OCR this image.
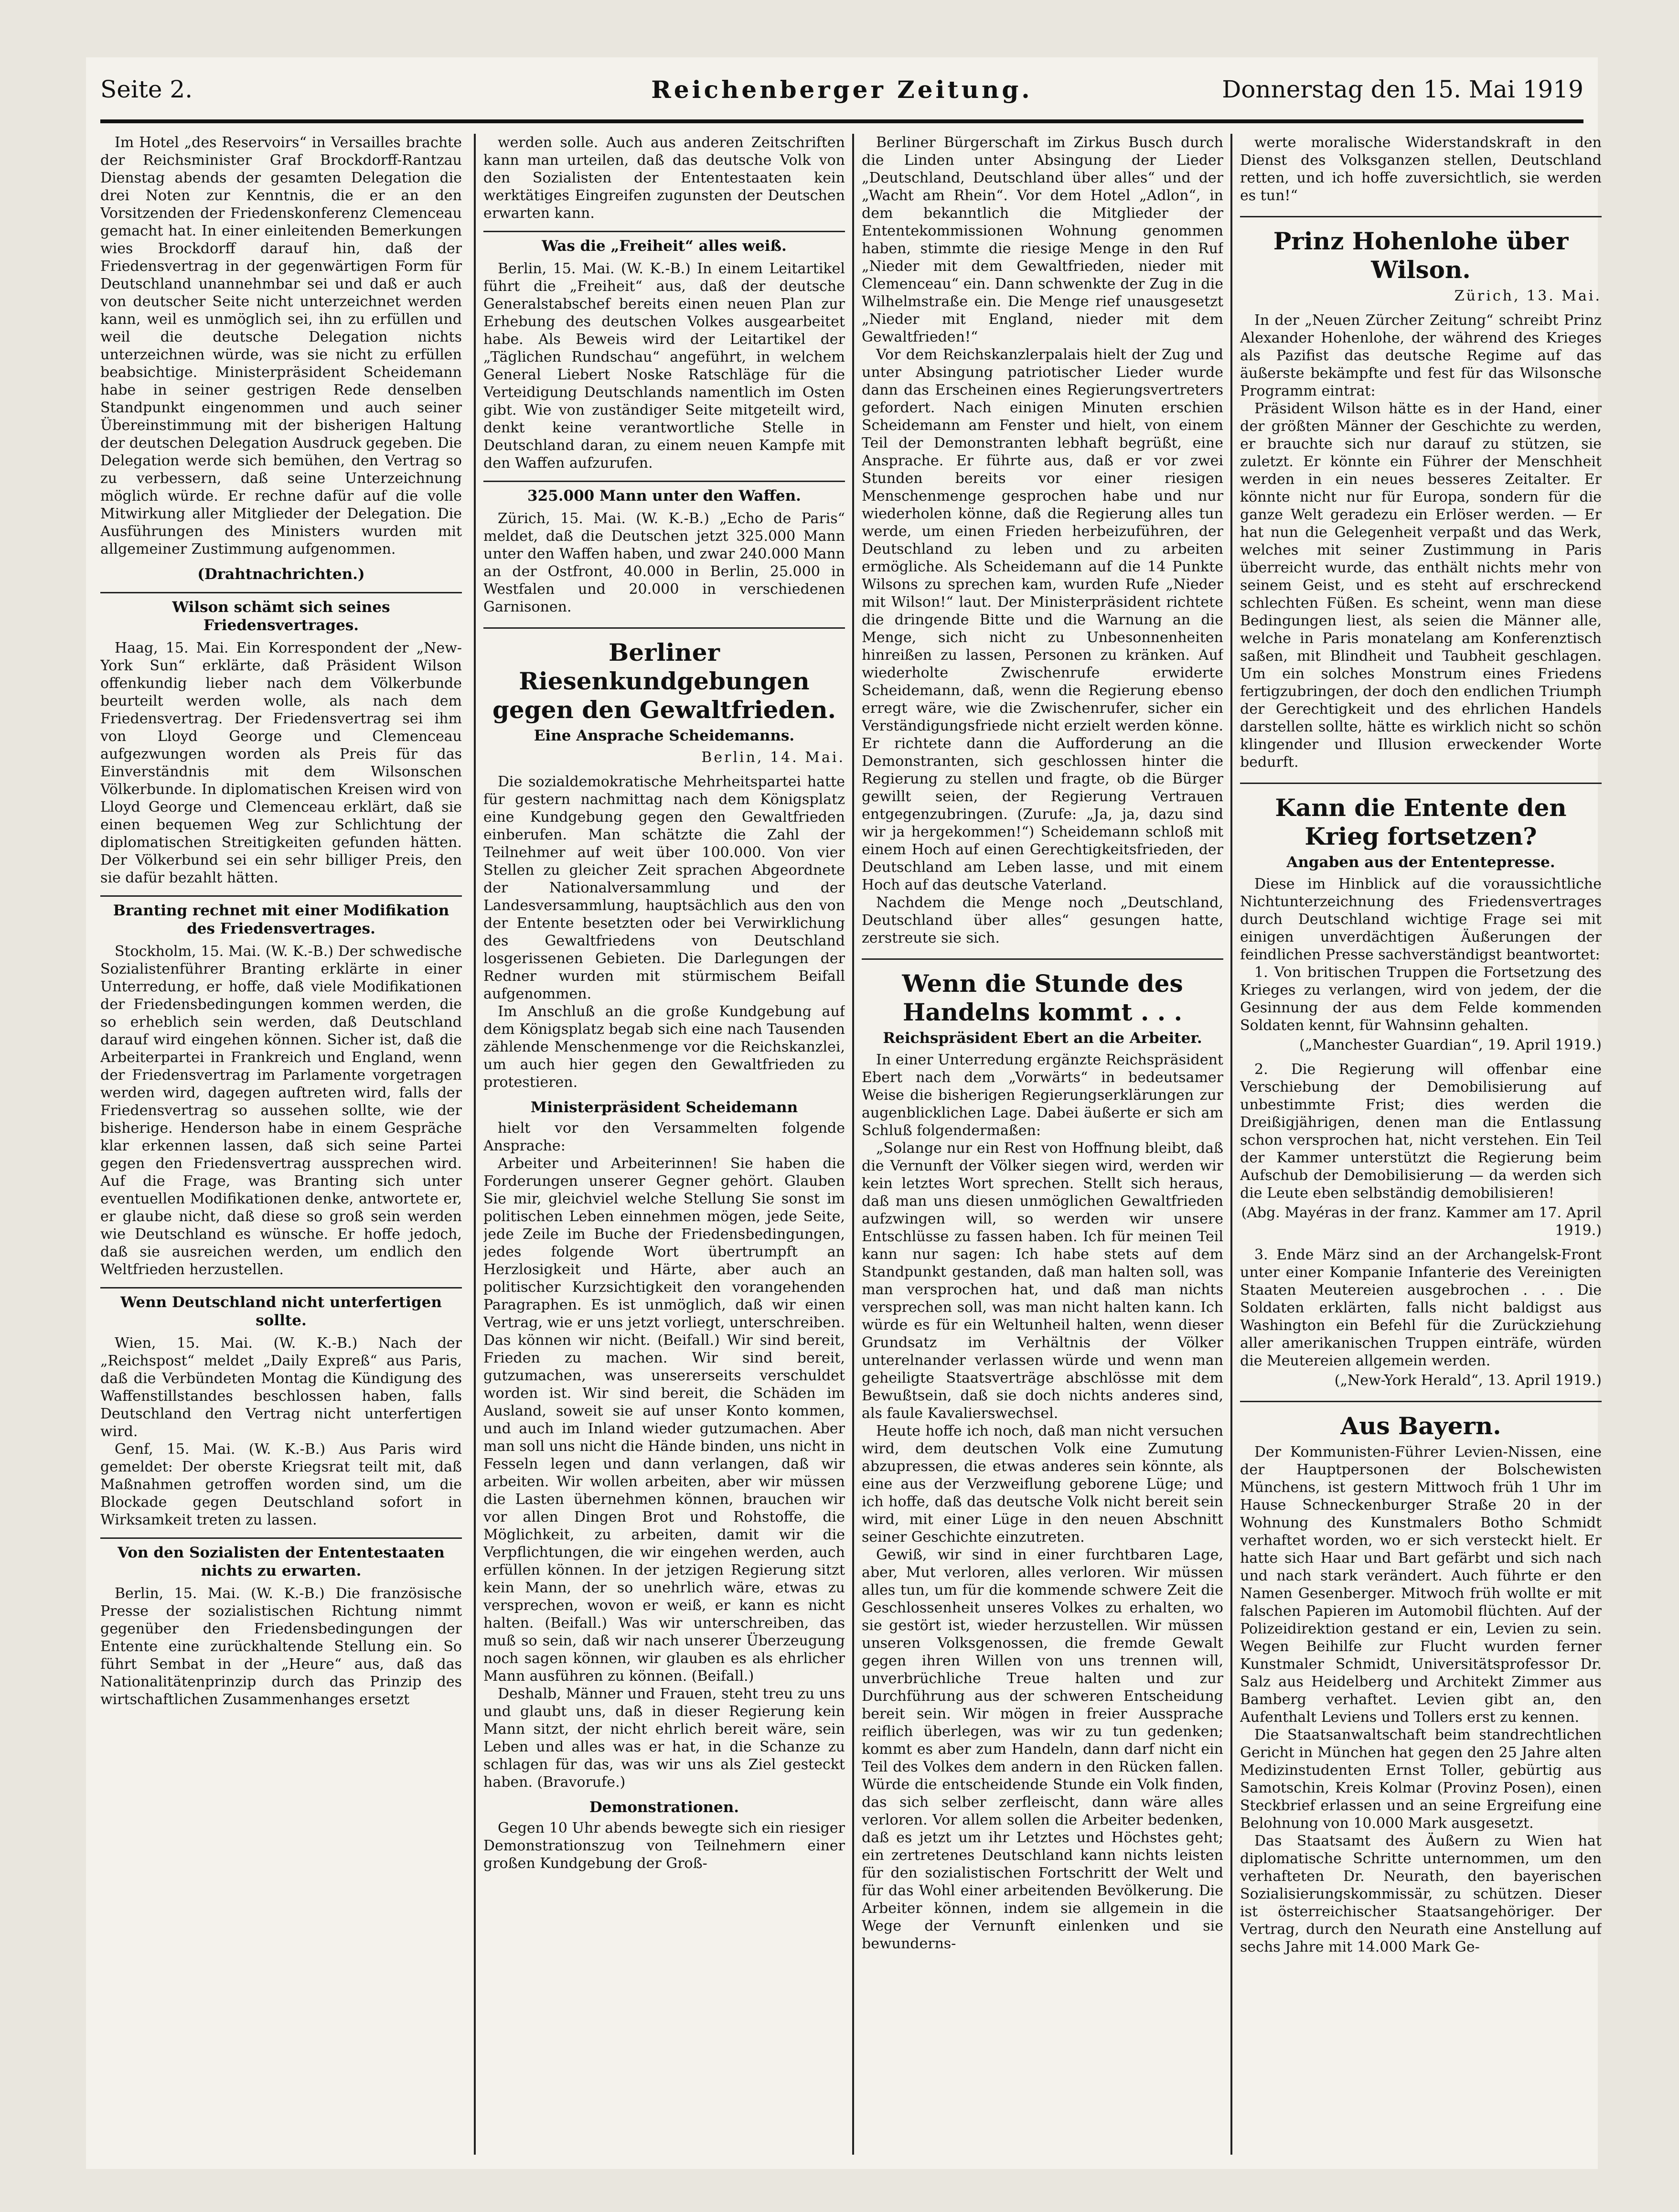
Seite 2.	Reichenberger Zeitung.	Donnerstag den 15. Mai 1919

Im Hotel „des Reservoirs“ in Versailles brachte der Reichsminister Graf Brockdorff-Rantzau Dienstag abends der gesamten Delegation die drei Noten zur Kenntnis, die er an den Vorsitzenden der Friedenskonferenz Clemenceau gemacht hat. In einer einleitenden Bemerkungen wies Brockdorff darauf hin, daß der Friedensvertrag in der gegenwärtigen Form für Deutschland unannehmbar sei und daß er auch von deutscher Seite nicht unterzeichnet werden kann, weil es unmöglich sei, ihn zu erfüllen und weil die deutsche Delegation nichts unterzeichnen würde, was sie nicht zu erfüllen beabsichtige. Ministerpräsident Scheidemann habe in seiner gestrigen Rede denselben Standpunkt eingenommen und auch seiner Übereinstimmung mit der bisherigen Haltung der deutschen Delegation Ausdruck gegeben. Die Delegation werde sich bemühen, den Vertrag so zu verbessern, daß seine Unterzeichnung möglich würde. Er rechne dafür auf die volle Mitwirkung aller Mitglieder der Delegation. Die Ausführungen des Ministers wurden mit allgemeiner Zustimmung aufgenommen.

(Drahtnachrichten.)
Wilson schämt sich seines Friedensvertrages.

Haag, 15. Mai. Ein Korrespondent der „New-York Sun“ erklärte, daß Präsident Wilson offenkundig lieber nach dem Völkerbunde beurteilt werden wolle, als nach dem Friedensvertrag. Der Friedensvertrag sei ihm von Lloyd George und Clemenceau aufgezwungen worden als Preis für das Einverständnis mit dem Wilsonschen Völkerbunde. In diplomatischen Kreisen wird von Lloyd George und Clemenceau erklärt, daß sie einen bequemen Weg zur Schlichtung der diplomatischen Streitigkeiten gefunden hätten. Der Völkerbund sei ein sehr billiger Preis, den sie dafür bezahlt hätten.

Branting rechnet mit einer Modifikation des Friedensvertrages.

Stockholm, 15. Mai. (W. K.-B.) Der schwedische Sozialistenführer Branting erklärte in einer Unterredung, er hoffe, daß viele Modifikationen der Friedensbedingungen kommen werden, die so erheblich sein werden, daß Deutschland darauf wird eingehen können. Sicher ist, daß die Arbeiterpartei in Frankreich und England, wenn der Friedensvertrag im Parlamente vorgetragen werden wird, dagegen auftreten wird, falls der Friedensvertrag so aussehen sollte, wie der bisherige. Henderson habe in einem Gespräche klar erkennen lassen, daß sich seine Partei gegen den Friedensvertrag aussprechen wird. Auf die Frage, was Branting sich unter eventuellen Modifikationen denke, antwortete er, er glaube nicht, daß diese so groß sein werden wie Deutschland es wünsche. Er hoffe jedoch, daß sie ausreichen werden, um endlich den Weltfrieden herzustellen.

Wenn Deutschland nicht unterfertigen sollte.

Wien, 15. Mai. (W. K.-B.) Nach der „Reichspost“ meldet „Daily Expreß“ aus Paris, daß die Verbündeten Montag die Kündigung des Waffenstillstandes beschlossen haben, falls Deutschland den Vertrag nicht unterfertigen wird.

Genf, 15. Mai. (W. K.-B.) Aus Paris wird gemeldet: Der oberste Kriegsrat teilt mit, daß Maßnahmen getroffen worden sind, um die Blockade gegen Deutschland sofort in Wirksamkeit treten zu lassen.

Von den Sozialisten der Ententestaaten nichts zu erwarten.

Berlin, 15. Mai. (W. K.-B.) Die französische Presse der sozialistischen Richtung nimmt gegenüber den Friedensbedingungen der Entente eine zurückhaltende Stellung ein. So führt Sembat in der „Heure“ aus, daß das Nationalitätenprinzip durch das Prinzip des wirtschaftlichen Zusammenhanges ersetzt

werden solle. Auch aus anderen Zeitschriften kann man urteilen, daß das deutsche Volk von den Sozialisten der Ententestaaten kein werktätiges Eingreifen zugunsten der Deutschen erwarten kann.

Was die „Freiheit“ alles weiß.

Berlin, 15. Mai. (W. K.-B.) In einem Leitartikel führt die „Freiheit“ aus, daß der deutsche Generalstabschef bereits einen neuen Plan zur Erhebung des deutschen Volkes ausgearbeitet habe. Als Beweis wird der Leitartikel der „Täglichen Rundschau“ angeführt, in welchem General Liebert Noske Ratschläge für die Verteidigung Deutschlands namentlich im Osten gibt. Wie von zuständiger Seite mitgeteilt wird, denkt keine verantwortliche Stelle in Deutschland daran, zu einem neuen Kampfe mit den Waffen aufzurufen.

325.000 Mann unter den Waffen.

Zürich, 15. Mai. (W. K.-B.) „Echo de Paris“ meldet, daß die Deutschen jetzt 325.000 Mann unter den Waffen haben, und zwar 240.000 Mann an der Ostfront, 40.000 in Berlin, 25.000 in Westfalen und 20.000 in verschiedenen Garnisonen.

Berliner Riesenkundgebungen gegen den Gewaltfrieden.
Eine Ansprache Scheidemanns.
Berlin, 14. Mai.

Die sozialdemokratische Mehrheitspartei hatte für gestern nachmittag nach dem Königsplatz eine Kundgebung gegen den Gewaltfrieden einberufen. Man schätzte die Zahl der Teilnehmer auf weit über 100.000. Von vier Stellen zu gleicher Zeit sprachen Abgeordnete der Nationalversammlung und der Landesversammlung, hauptsächlich aus den von der Entente besetzten oder bei Verwirklichung des Gewaltfriedens von Deutschland losgerissenen Gebieten. Die Darlegungen der Redner wurden mit stürmischem Beifall aufgenommen.

Im Anschluß an die große Kundgebung auf dem Königsplatz begab sich eine nach Tausenden zählende Menschenmenge vor die Reichskanzlei, um auch hier gegen den Gewaltfrieden zu protestieren.

Ministerpräsident Scheidemann

hielt vor den Versammelten folgende Ansprache:

Arbeiter und Arbeiterinnen! Sie haben die Forderungen unserer Gegner gehört. Glauben Sie mir, gleichviel welche Stellung Sie sonst im politischen Leben einnehmen mögen, jede Seite, jede Zeile im Buche der Friedensbedingungen, jedes folgende Wort übertrumpft an Herzlosigkeit und Härte, aber auch an politischer Kurzsichtigkeit den vorangehenden Paragraphen. Es ist unmöglich, daß wir einen Vertrag, wie er uns jetzt vorliegt, unterschreiben. Das können wir nicht. (Beifall.) Wir sind bereit, Frieden zu machen. Wir sind bereit, gutzumachen, was unsererseits verschuldet worden ist. Wir sind bereit, die Schäden im Ausland, soweit sie auf unser Konto kommen, und auch im Inland wieder gutzumachen. Aber man soll uns nicht die Hände binden, uns nicht in Fesseln legen und dann verlangen, daß wir arbeiten. Wir wollen arbeiten, aber wir müssen die Lasten übernehmen können, brauchen wir vor allen Dingen Brot und Rohstoffe, die Möglichkeit, zu arbeiten, damit wir die Verpflichtungen, die wir eingehen werden, auch erfüllen können. In der jetzigen Regierung sitzt kein Mann, der so unehrlich wäre, etwas zu versprechen, wovon er weiß, er kann es nicht halten. (Beifall.) Was wir unterschreiben, das muß so sein, daß wir nach unserer Überzeugung noch sagen können, wir glauben es als ehrlicher Mann ausführen zu können. (Beifall.)

Deshalb, Männer und Frauen, steht treu zu uns und glaubt uns, daß in dieser Regierung kein Mann sitzt, der nicht ehrlich bereit wäre, sein Leben und alles was er hat, in die Schanze zu schlagen für das, was wir uns als Ziel gesteckt haben. (Bravorufe.)

Demonstrationen.

Gegen 10 Uhr abends bewegte sich ein riesiger Demonstrationszug von Teilnehmern einer großen Kundgebung der Groß-

Berliner Bürgerschaft im Zirkus Busch durch die Linden unter Absingung der Lieder „Deutschland, Deutschland über alles“ und der „Wacht am Rhein“. Vor dem Hotel „Adlon“, in dem bekanntlich die Mitglieder der Ententekommissionen Wohnung genommen haben, stimmte die riesige Menge in den Ruf „Nieder mit dem Gewaltfrieden, nieder mit Clemenceau“ ein. Dann schwenkte der Zug in die Wilhelmstraße ein. Die Menge rief unausgesetzt „Nieder mit England, nieder mit dem Gewaltfrieden!“

Vor dem Reichskanzlerpalais hielt der Zug und unter Absingung patriotischer Lieder wurde dann das Erscheinen eines Regierungsvertreters gefordert. Nach einigen Minuten erschien Scheidemann am Fenster und hielt, von einem Teil der Demonstranten lebhaft begrüßt, eine Ansprache. Er führte aus, daß er vor zwei Stunden bereits vor einer riesigen Menschenmenge gesprochen habe und nur wiederholen könne, daß die Regierung alles tun werde, um einen Frieden herbeizuführen, der Deutschland zu leben und zu arbeiten ermögliche. Als Scheidemann auf die 14 Punkte Wilsons zu sprechen kam, wurden Rufe „Nieder mit Wilson!“ laut. Der Ministerpräsident richtete die dringende Bitte und die Warnung an die Menge, sich nicht zu Unbesonnenheiten hinreißen zu lassen, Personen zu kränken. Auf wiederholte Zwischenrufe erwiderte Scheidemann, daß, wenn die Regierung ebenso erregt wäre, wie die Zwischenrufer, sicher ein Verständigungsfriede nicht erzielt werden könne. Er richtete dann die Aufforderung an die Demonstranten, sich geschlossen hinter die Regierung zu stellen und fragte, ob die Bürger gewillt seien, der Regierung Vertrauen entgegenzubringen. (Zurufe: „Ja, ja, dazu sind wir ja hergekommen!“) Scheidemann schloß mit einem Hoch auf einen Gerechtigkeitsfrieden, der Deutschland am Leben lasse, und mit einem Hoch auf das deutsche Vaterland.

Nachdem die Menge noch „Deutschland, Deutschland über alles“ gesungen hatte, zerstreute sie sich.

Wenn die Stunde des Handelns kommt . . .
Reichspräsident Ebert an die Arbeiter.

In einer Unterredung ergänzte Reichspräsident Ebert nach dem „Vorwärts“ in bedeutsamer Weise die bisherigen Regierungserklärungen zur augenblicklichen Lage. Dabei äußerte er sich am Schluß folgendermaßen:

„Solange nur ein Rest von Hoffnung bleibt, daß die Vernunft der Völker siegen wird, werden wir kein letztes Wort sprechen. Stellt sich heraus, daß man uns diesen unmöglichen Gewaltfrieden aufzwingen will, so werden wir unsere Entschlüsse zu fassen haben. Ich für meinen Teil kann nur sagen: Ich habe stets auf dem Standpunkt gestanden, daß man halten soll, was man versprochen hat, und daß man nichts versprechen soll, was man nicht halten kann. Ich würde es für ein Weltunheil halten, wenn dieser Grundsatz im Verhältnis der Völker unterelnander verlassen würde und wenn man geheiligte Staatsverträge abschlösse mit dem Bewußtsein, daß sie doch nichts anderes sind, als faule Kavalierswechsel.

Heute hoffe ich noch, daß man nicht versuchen wird, dem deutschen Volk eine Zumutung abzupressen, die etwas anderes sein könnte, als eine aus der Verzweiflung geborene Lüge; und ich hoffe, daß das deutsche Volk nicht bereit sein wird, mit einer Lüge in den neuen Abschnitt seiner Geschichte einzutreten.

Gewiß, wir sind in einer furchtbaren Lage, aber, Mut verloren, alles verloren. Wir müssen alles tun, um für die kommende schwere Zeit die Geschlossenheit unseres Volkes zu erhalten, wo sie gestört ist, wieder herzustellen. Wir müssen unseren Volksgenossen, die fremde Gewalt gegen ihren Willen von uns trennen will, unverbrüchliche Treue halten und zur Durchführung aus der schweren Entscheidung bereit sein. Wir mögen in freier Aussprache reiflich überlegen, was wir zu tun gedenken; kommt es aber zum Handeln, dann darf nicht ein Teil des Volkes dem andern in den Rücken fallen. Würde die entscheidende Stunde ein Volk finden, das sich selber zerfleischt, dann wäre alles verloren. Vor allem sollen die Arbeiter bedenken, daß es jetzt um ihr Letztes und Höchstes geht; ein zertretenes Deutschland kann nichts leisten für den sozialistischen Fortschritt der Welt und für das Wohl einer arbeitenden Bevölkerung. Die Arbeiter können, indem sie allgemein in die Wege der Vernunft einlenken und sie bewunderns-

werte moralische Widerstandskraft in den Dienst des Volksganzen stellen, Deutschland retten, und ich hoffe zuversichtlich, sie werden es tun!“

Prinz Hohenlohe über Wilson.
Zürich, 13. Mai.

In der „Neuen Zürcher Zeitung“ schreibt Prinz Alexander Hohenlohe, der während des Krieges als Pazifist das deutsche Regime auf das äußerste bekämpfte und fest für das Wilsonsche Programm eintrat:

Präsident Wilson hätte es in der Hand, einer der größten Männer der Geschichte zu werden, er brauchte sich nur darauf zu stützen, sie zuletzt. Er könnte ein Führer der Menschheit werden in ein neues besseres Zeitalter. Er könnte nicht nur für Europa, sondern für die ganze Welt geradezu ein Erlöser werden. — Er hat nun die Gelegenheit verpaßt und das Werk, welches mit seiner Zustimmung in Paris überreicht wurde, das enthält nichts mehr von seinem Geist, und es steht auf erschreckend schlechten Füßen. Es scheint, wenn man diese Bedingungen liest, als seien die Männer alle, welche in Paris monatelang am Konferenztisch saßen, mit Blindheit und Taubheit geschlagen. Um ein solches Monstrum eines Friedens fertigzubringen, der doch den endlichen Triumph der Gerechtigkeit und des ehrlichen Handels darstellen sollte, hätte es wirklich nicht so schön klingender und Illusion erweckender Worte bedurft.

Kann die Entente den Krieg fortsetzen?
Angaben aus der Ententepresse.

Diese im Hinblick auf die voraussichtliche Nichtunterzeichnung des Friedensvertrages durch Deutschland wichtige Frage sei mit einigen unverdächtigen Äußerungen der feindlichen Presse sachverständigst beantwortet:

1. Von britischen Truppen die Fortsetzung des Krieges zu verlangen, wird von jedem, der die Gesinnung der aus dem Felde kommenden Soldaten kennt, für Wahnsinn gehalten.

(„Manchester Guardian“, 19. April 1919.)

2. Die Regierung will offenbar eine Verschiebung der Demobilisierung auf unbestimmte Frist; dies werden die Dreißigjährigen, denen man die Entlassung schon versprochen hat, nicht verstehen. Ein Teil der Kammer unterstützt die Regierung beim Aufschub der Demobilisierung — da werden sich die Leute eben selbständig demobilisieren!

(Abg. Mayéras in der franz. Kammer am 17. April 1919.)

3. Ende März sind an der Archangelsk-Front unter einer Kompanie Infanterie des Vereinigten Staaten Meutereien ausgebrochen . . . Die Soldaten erklärten, falls nicht baldigst aus Washington ein Befehl für die Zurückziehung aller amerikanischen Truppen einträfe, würden die Meutereien allgemein werden.

(„New-York Herald“, 13. April 1919.)
Aus Bayern.

Der Kommunisten-Führer Levien-Nissen, eine der Hauptpersonen der Bolschewisten Münchens, ist gestern Mittwoch früh 1 Uhr im Hause Schneckenburger Straße 20 in der Wohnung des Kunstmalers Botho Schmidt verhaftet worden, wo er sich versteckt hielt. Er hatte sich Haar und Bart gefärbt und sich nach und nach stark verändert. Auch führte er den Namen Gesenberger. Mitwoch früh wollte er mit falschen Papieren im Automobil flüchten. Auf der Polizeidirektion gestand er ein, Levien zu sein. Wegen Beihilfe zur Flucht wurden ferner Kunstmaler Schmidt, Universitätsprofessor Dr. Salz aus Heidelberg und Architekt Zimmer aus Bamberg verhaftet. Levien gibt an, den Aufenthalt Leviens und Tollers erst zu kennen.

Die Staatsanwaltschaft beim standrechtlichen Gericht in München hat gegen den 25 Jahre alten Medizinstudenten Ernst Toller, gebürtig aus Samotschin, Kreis Kolmar (Provinz Posen), einen Steckbrief erlassen und an seine Ergreifung eine Belohnung von 10.000 Mark ausgesetzt.

Das Staatsamt des Äußern zu Wien hat diplomatische Schritte unternommen, um den verhafteten Dr. Neurath, den bayerischen Sozialisierungskommissär, zu schützen. Dieser ist österreichischer Staatsangehöriger. Der Vertrag, durch den Neurath eine Anstellung auf sechs Jahre mit 14.000 Mark Ge-
